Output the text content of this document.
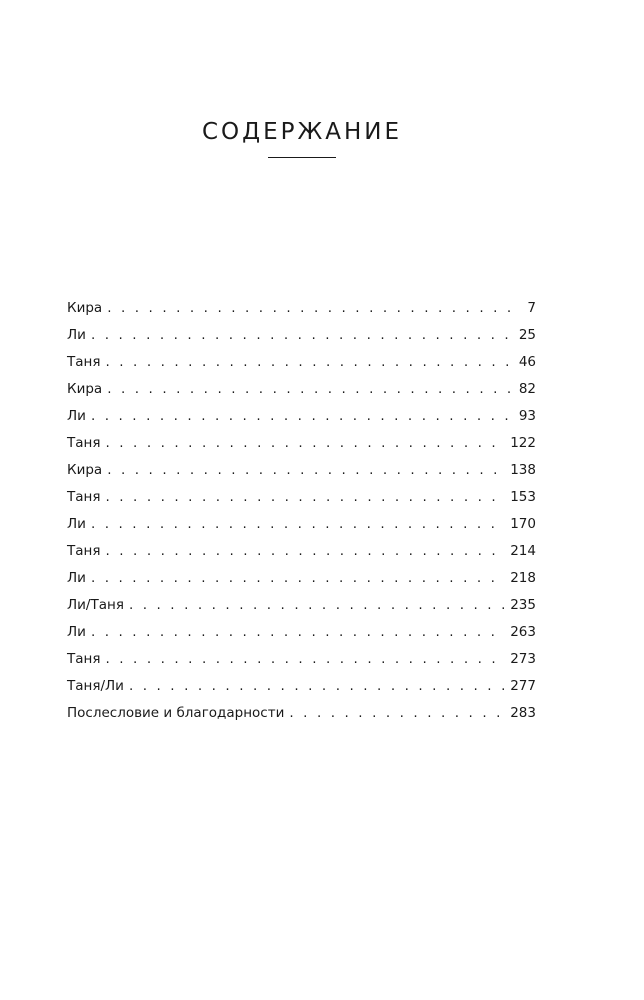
СОДЕРЖАНИЕ
Кира . . .	7
Ли . . .	25
Таня . . .	46
Кира . . .	82
Ли . . .	93
Таня . . .	122
Кира . . .	138
Таня . . .	153
Ли . . .	170
Таня . . .	214
Ли . . .	218
Ли/Таня . . .	235
Ли . . .	263
Таня . . .	273
Таня/Ли . . .	277
Послесловие и благодарности . . .	283
